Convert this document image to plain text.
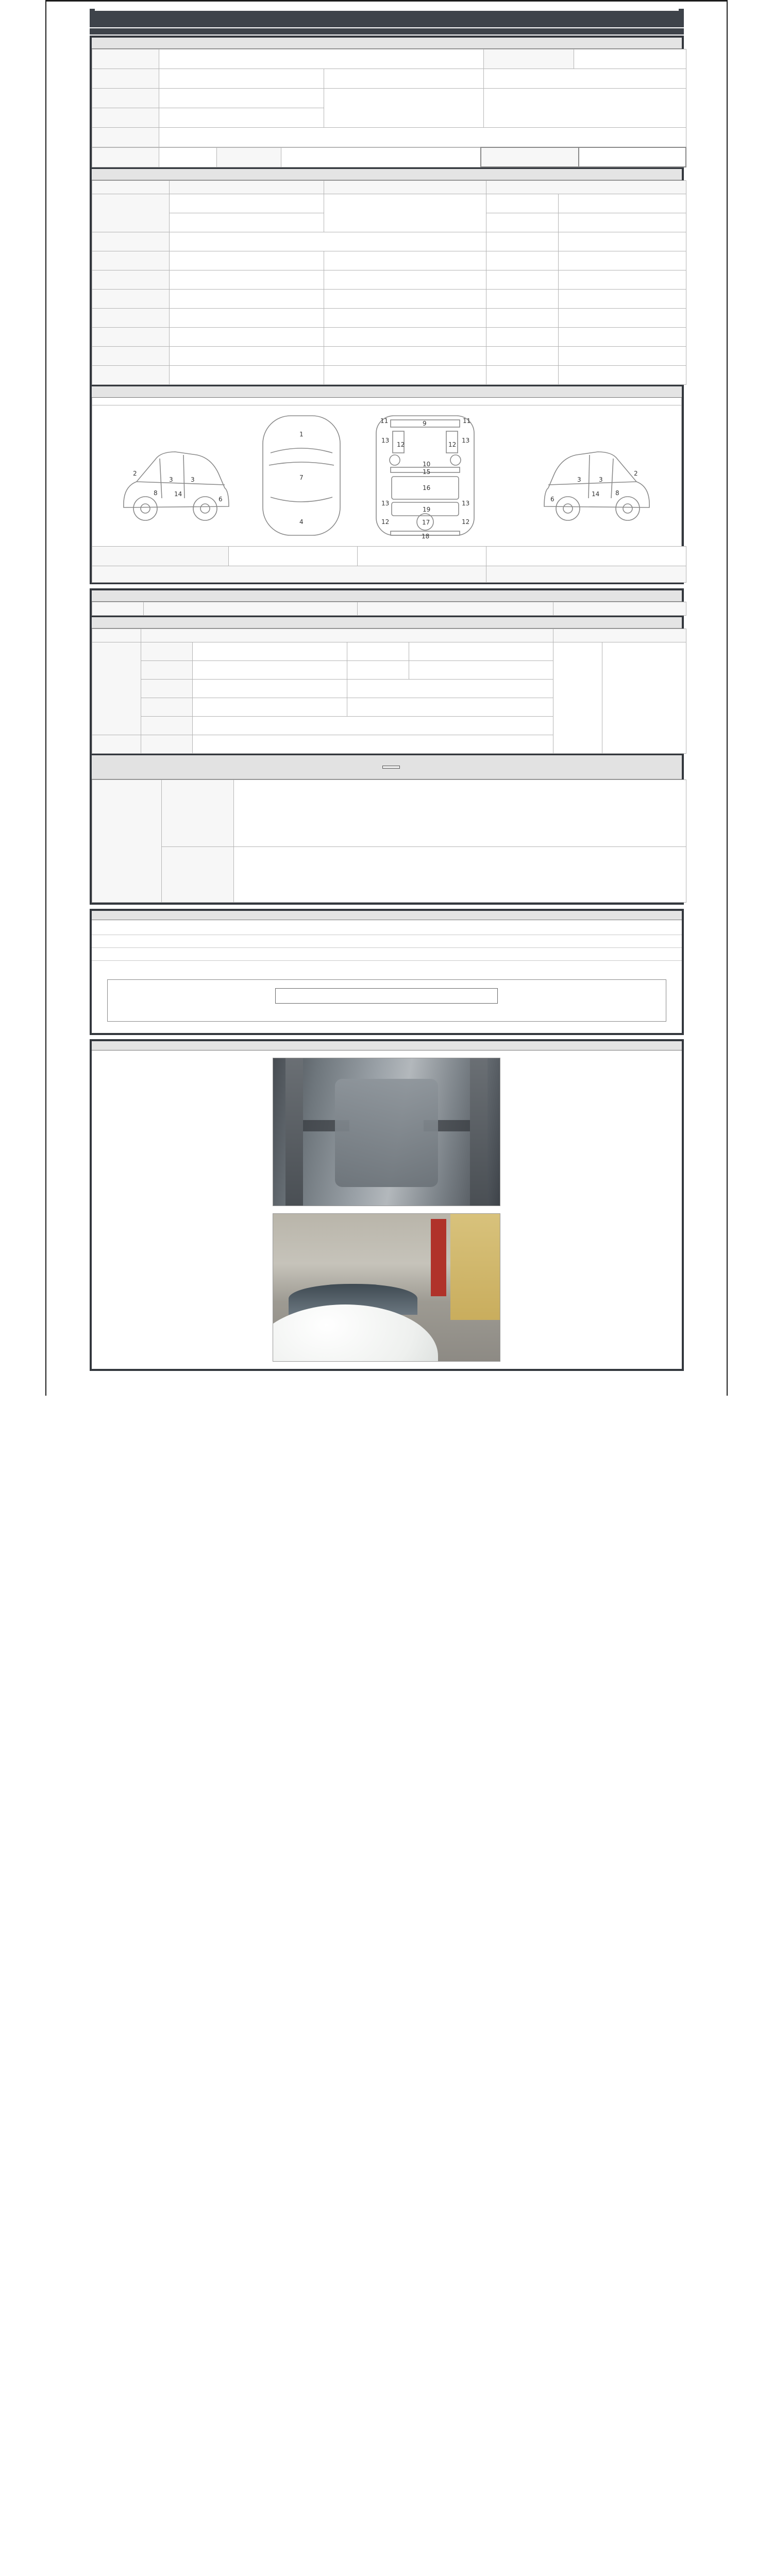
2
3	3
14
8
6
1
7
4
11	11
9
13	13
12	12
10
15
16
13	13
19
12	12
17
18
2
3
3
14	8
6
